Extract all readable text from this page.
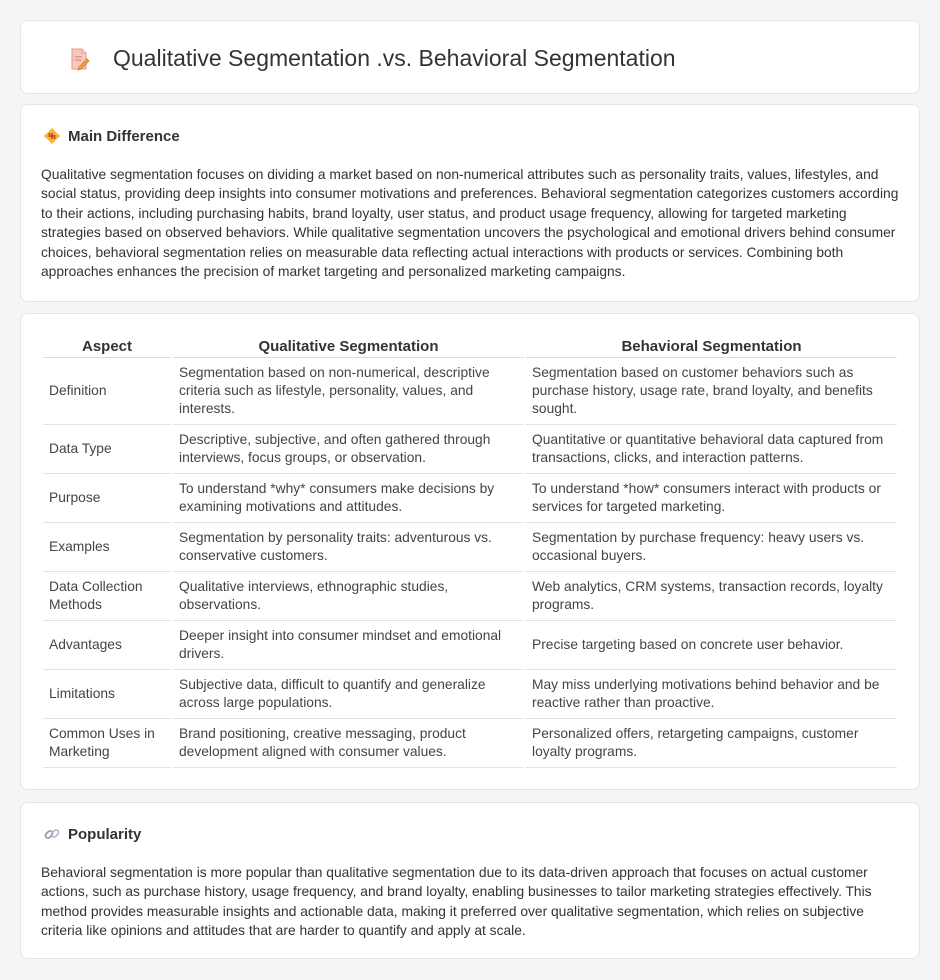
Qualitative Segmentation .vs. Behavioral Segmentation
Main Difference

Qualitative segmentation focuses on dividing a market based on non-numerical attributes such as personality traits, values, lifestyles, and social status, providing deep insights into consumer motivations and preferences. Behavioral segmentation categorizes customers according to their actions, including purchasing habits, brand loyalty, user status, and product usage frequency, allowing for targeted marketing strategies based on observed behaviors. While qualitative segmentation uncovers the psychological and emotional drivers behind consumer choices, behavioral segmentation relies on measurable data reflecting actual interactions with products or services. Combining both approaches enhances the precision of market targeting and personalized marketing campaigns.

Aspect	Qualitative Segmentation	Behavioral Segmentation
Definition	Segmentation based on non-numerical, descriptive criteria such as lifestyle, personality, values, and interests.	Segmentation based on customer behaviors such as purchase history, usage rate, brand loyalty, and benefits sought.
Data Type	Descriptive, subjective, and often gathered through interviews, focus groups, or observation.	Quantitative or quantitative behavioral data captured from transactions, clicks, and interaction patterns.
Purpose	To understand *why* consumers make decisions by examining motivations and attitudes.	To understand *how* consumers interact with products or services for targeted marketing.
Examples	Segmentation by personality traits: adventurous vs. conservative customers.	Segmentation by purchase frequency: heavy users vs. occasional buyers.
Data Collection Methods	Qualitative interviews, ethnographic studies, observations.	Web analytics, CRM systems, transaction records, loyalty programs.
Advantages	Deeper insight into consumer mindset and emotional drivers.	Precise targeting based on concrete user behavior.
Limitations	Subjective data, difficult to quantify and generalize across large populations.	May miss underlying motivations behind behavior and be reactive rather than proactive.
Common Uses in Marketing	Brand positioning, creative messaging, product development aligned with consumer values.	Personalized offers, retargeting campaigns, customer loyalty programs.
Popularity

Behavioral segmentation is more popular than qualitative segmentation due to its data-driven approach that focuses on actual customer actions, such as purchase history, usage frequency, and brand loyalty, enabling businesses to tailor marketing strategies effectively. This method provides measurable insights and actionable data, making it preferred over qualitative segmentation, which relies on subjective criteria like opinions and attitudes that are harder to quantify and apply at scale.
